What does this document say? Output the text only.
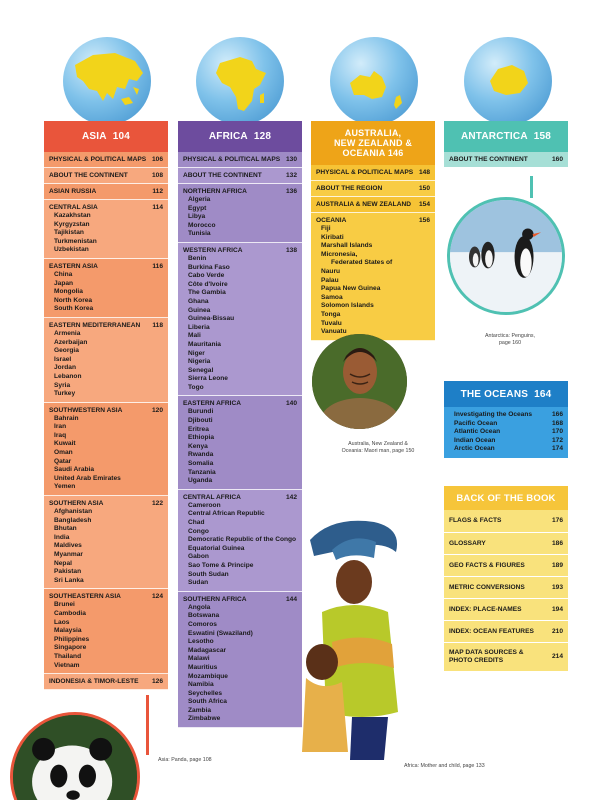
ASIA 104
PHYSICAL & POLITICAL MAPS 106
ABOUT THE CONTINENT	108
ASIAN RUSSIA	112
CENTRAL ASIA	114
Kazakhstan
Kyrgyzstan
Tajikistan
Turkmenistan
Uzbekistan
EASTERN ASIA	116
China
Japan
Mongolia
North Korea
South Korea
EASTERN MEDITERRANEAN 118
Armenia
Azerbaijan
Georgia
Israel
Jordan
Lebanon
Syria
Turkey
SOUTHWESTERN ASIA	120
Bahrain
Iran
Iraq
Kuwait
Oman
Qatar
Saudi Arabia
United Arab Emirates
Yemen
SOUTHERN ASIA	122
Afghanistan
Bangladesh
Bhutan
India
Maldives
Myanmar
Nepal
Pakistan
Sri Lanka
SOUTHEASTERN ASIA	124
Brunei
Cambodia
Laos
Malaysia
Philippines
Singapore
Thailand
Vietnam
INDONESIA & TIMOR-LESTE 126
AFRICA 128
PHYSICAL & POLITICAL MAPS 130
ABOUT THE CONTINENT	132
NORTHERN AFRICA	136
Algeria
Egypt
Libya
Morocco
Tunisia
WESTERN AFRICA	138
Benin
Burkina Faso
Cabo Verde
Côte d'Ivoire
The Gambia
Ghana
Guinea
Guinea-Bissau
Liberia
Mali
Mauritania
Niger
Nigeria
Senegal
Sierra Leone
Togo
EASTERN AFRICA	140
Burundi
Djibouti
Eritrea
Ethiopia
Kenya
Rwanda
Somalia
Tanzania
Uganda
CENTRAL AFRICA	142
Cameroon
Central African Republic
Chad
Congo
Democratic Republic of the Congo
Equatorial Guinea
Gabon
Sao Tome & Principe
South Sudan
Sudan
SOUTHERN AFRICA	144
Angola
Botswana
Comoros
Eswatini (Swaziland)
Lesotho
Madagascar
Malawi
Mauritius
Mozambique
Namibia
Seychelles
South Africa
Zambia
Zimbabwe
AUSTRALIA,
NEW ZEALAND &
OCEANIA 146
PHYSICAL & POLITICAL MAPS 148
ABOUT THE REGION	150
AUSTRALIA & NEW ZEALAND 154
OCEANIA	156
Fiji
Kiribati
Marshall Islands
Micronesia,
Federated States of
Nauru
Palau
Papua New Guinea
Samoa
Solomon Islands
Tonga
Tuvalu
Vanuatu
ANTARCTICA 158
ABOUT THE CONTINENT	160
Antarctica: Penguins,
page 160
THE OCEANS 164
Investigating the Oceans	166
Pacific Ocean	168
Atlantic Ocean	170
Indian Ocean	172
Arctic Ocean	174
BACK OF THE BOOK
FLAGS & FACTS	176
GLOSSARY	186
GEO FACTS & FIGURES	189
METRIC CONVERSIONS	193
INDEX: PLACE-NAMES	194
INDEX: OCEAN FEATURES	210
MAP DATA SOURCES & PHOTO CREDITS
214
Australia, New Zealand &
Oceania: Maori man, page 150
Africa: Mother and child, page 133
Asia: Panda, page 108
